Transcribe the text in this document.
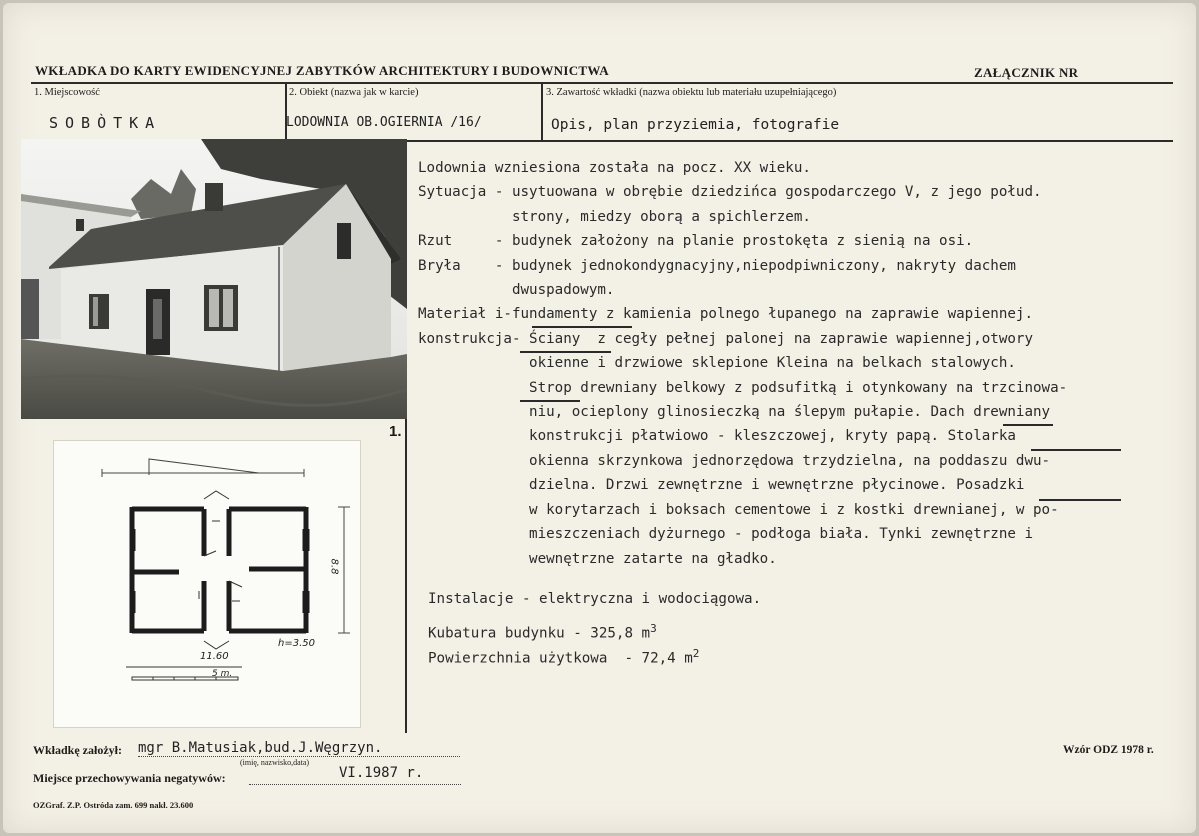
WKŁADKA DO KARTY EWIDENCYJNEJ ZABYTKÓW ARCHITEKTURY I BUDOWNICTWA	ZAŁĄCZNIK NR
1. Miejscowość
SOBÒTKA
2. Obiekt (nazwa jak w karcie)
LODOWNIA OB.OGIERNIA /16/
3. Zawartość wkładki (nazwa obiektu lub materiału uzupełniającego)
Opis, plan przyziemia, fotografie
1.
11.60
8.8
h=3.50
5 m.
Lodownia wzniesiona została na pocz. XX wieku.
Sytuacja - usytuowana w obrębie dziedzińca gospodarczego V, z jego połud.
strony, miedzy oborą a spichlerzem.
Rzut     - budynek założony na planie prostokęta z sienią na osi.
Bryła    - budynek jednokondygnacyjny,niepodpiwniczony, nakryty dachem
dwuspadowym.
Materiał i-fundamenty z kamienia polnego łupanego na zaprawie wapiennej.
konstrukcja- Ściany  z cegły pełnej palonej na zaprawie wapiennej,otwory
okienne i drzwiowe sklepione Kleina na belkach stalowych.
Strop drewniany belkowy z podsufitką i otynkowany na trzcinowa-
niu, ocieplony glinosieczką na ślepym pułapie. Dach drewniany
konstrukcji płatwiowo - kleszczowej, kryty papą. Stolarka
okienna skrzynkowa jednorzędowa trzydzielna, na poddaszu dwu-
dzielna. Drzwi zewnętrzne i wewnętrzne płycinowe. Posadzki
w korytarzach i boksach cementowe i z kostki drewnianej, w po-
mieszczeniach dyżurnego - podłoga biała. Tynki zewnętrzne i
wewnętrzne zatarte na gładko.
Instalacje - elektryczna i wodociągowa.
Kubatura budynku - 325,8 $m^3$
Powierzchnia użytkowa  - 72,4 $m^2$
Wkładkę założył: mgr B.Matusiak,bud.J.Węgrzyn.
(imię, nazwisko,data)
Miejsce przechowywania negatywów:	VI.1987 r.
Wzór ODZ 1978 r.
OZGraf. Z.P. Ostróda zam. 699 nakł. 23.600
